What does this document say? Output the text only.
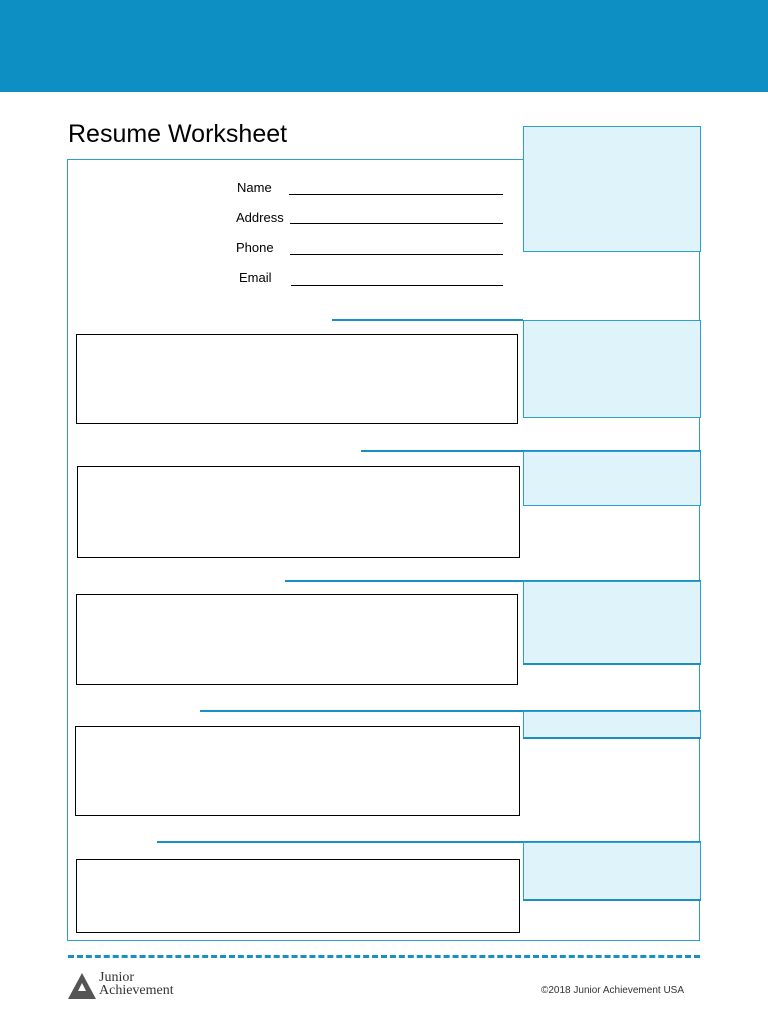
Resume Worksheet
Name
Address
Phone
Email
Junior
Achievement	©2018 Junior Achievement USA
